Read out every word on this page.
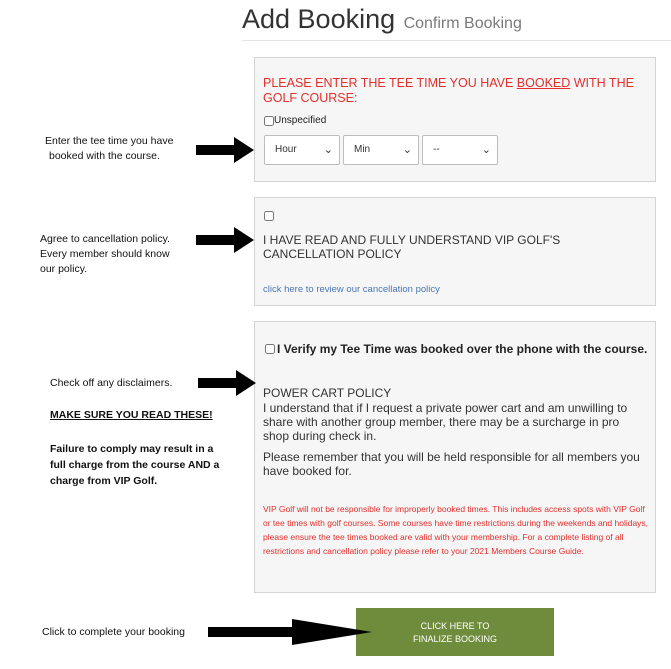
Add Booking Confirm Booking
PLEASE ENTER THE TEE TIME YOU HAVE BOOKED WITH THE GOLF COURSE:
Unspecified
Hour ⌄	Min	⌄	--	⌄
I HAVE READ AND FULLY UNDERSTAND VIP GOLF'S CANCELLATION POLICY
click here to review our cancellation policy
I Verify my Tee Time was booked over the phone with the course.
POWER CART POLICY
I understand that if I request a private power cart and am unwilling to share with another group member, there may be a surcharge in pro shop during check in.
Please remember that you will be held responsible for all members you have booked for.
VIP Golf will not be responsible for improperly booked times. This includes access spots with VIP Golf or tee times with golf courses. Some courses have time restrictions during the weekends and holidays, please ensure the tee times booked are valid with your membership. For a complete listing of all restrictions and cancellation policy please refer to your 2021 Members Course Guide.
CLICK HERE TO
FINALIZE BOOKING
Enter the tee time you have
booked with the course.
Agree to cancellation policy.
Every member should know
our policy.
Check off any disclaimers.
MAKE SURE YOU READ THESE!
Failure to comply may result in a
full charge from the course AND a
charge from VIP Golf.
Click to complete your booking
